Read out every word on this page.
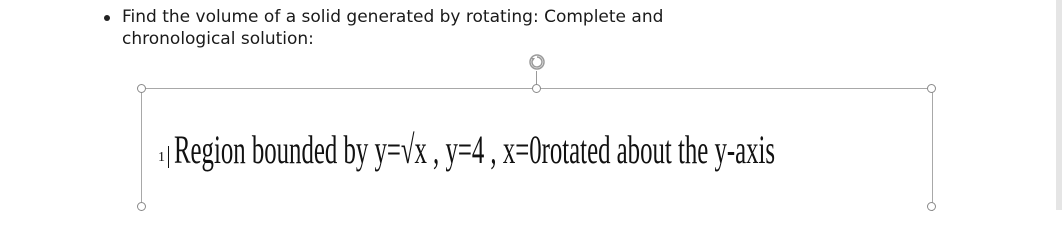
Find the volume of a solid generated by rotating: Complete and
chronological solution:
1 Region bounded by y=√x , y=4 , x=0rotated about the y-axis
